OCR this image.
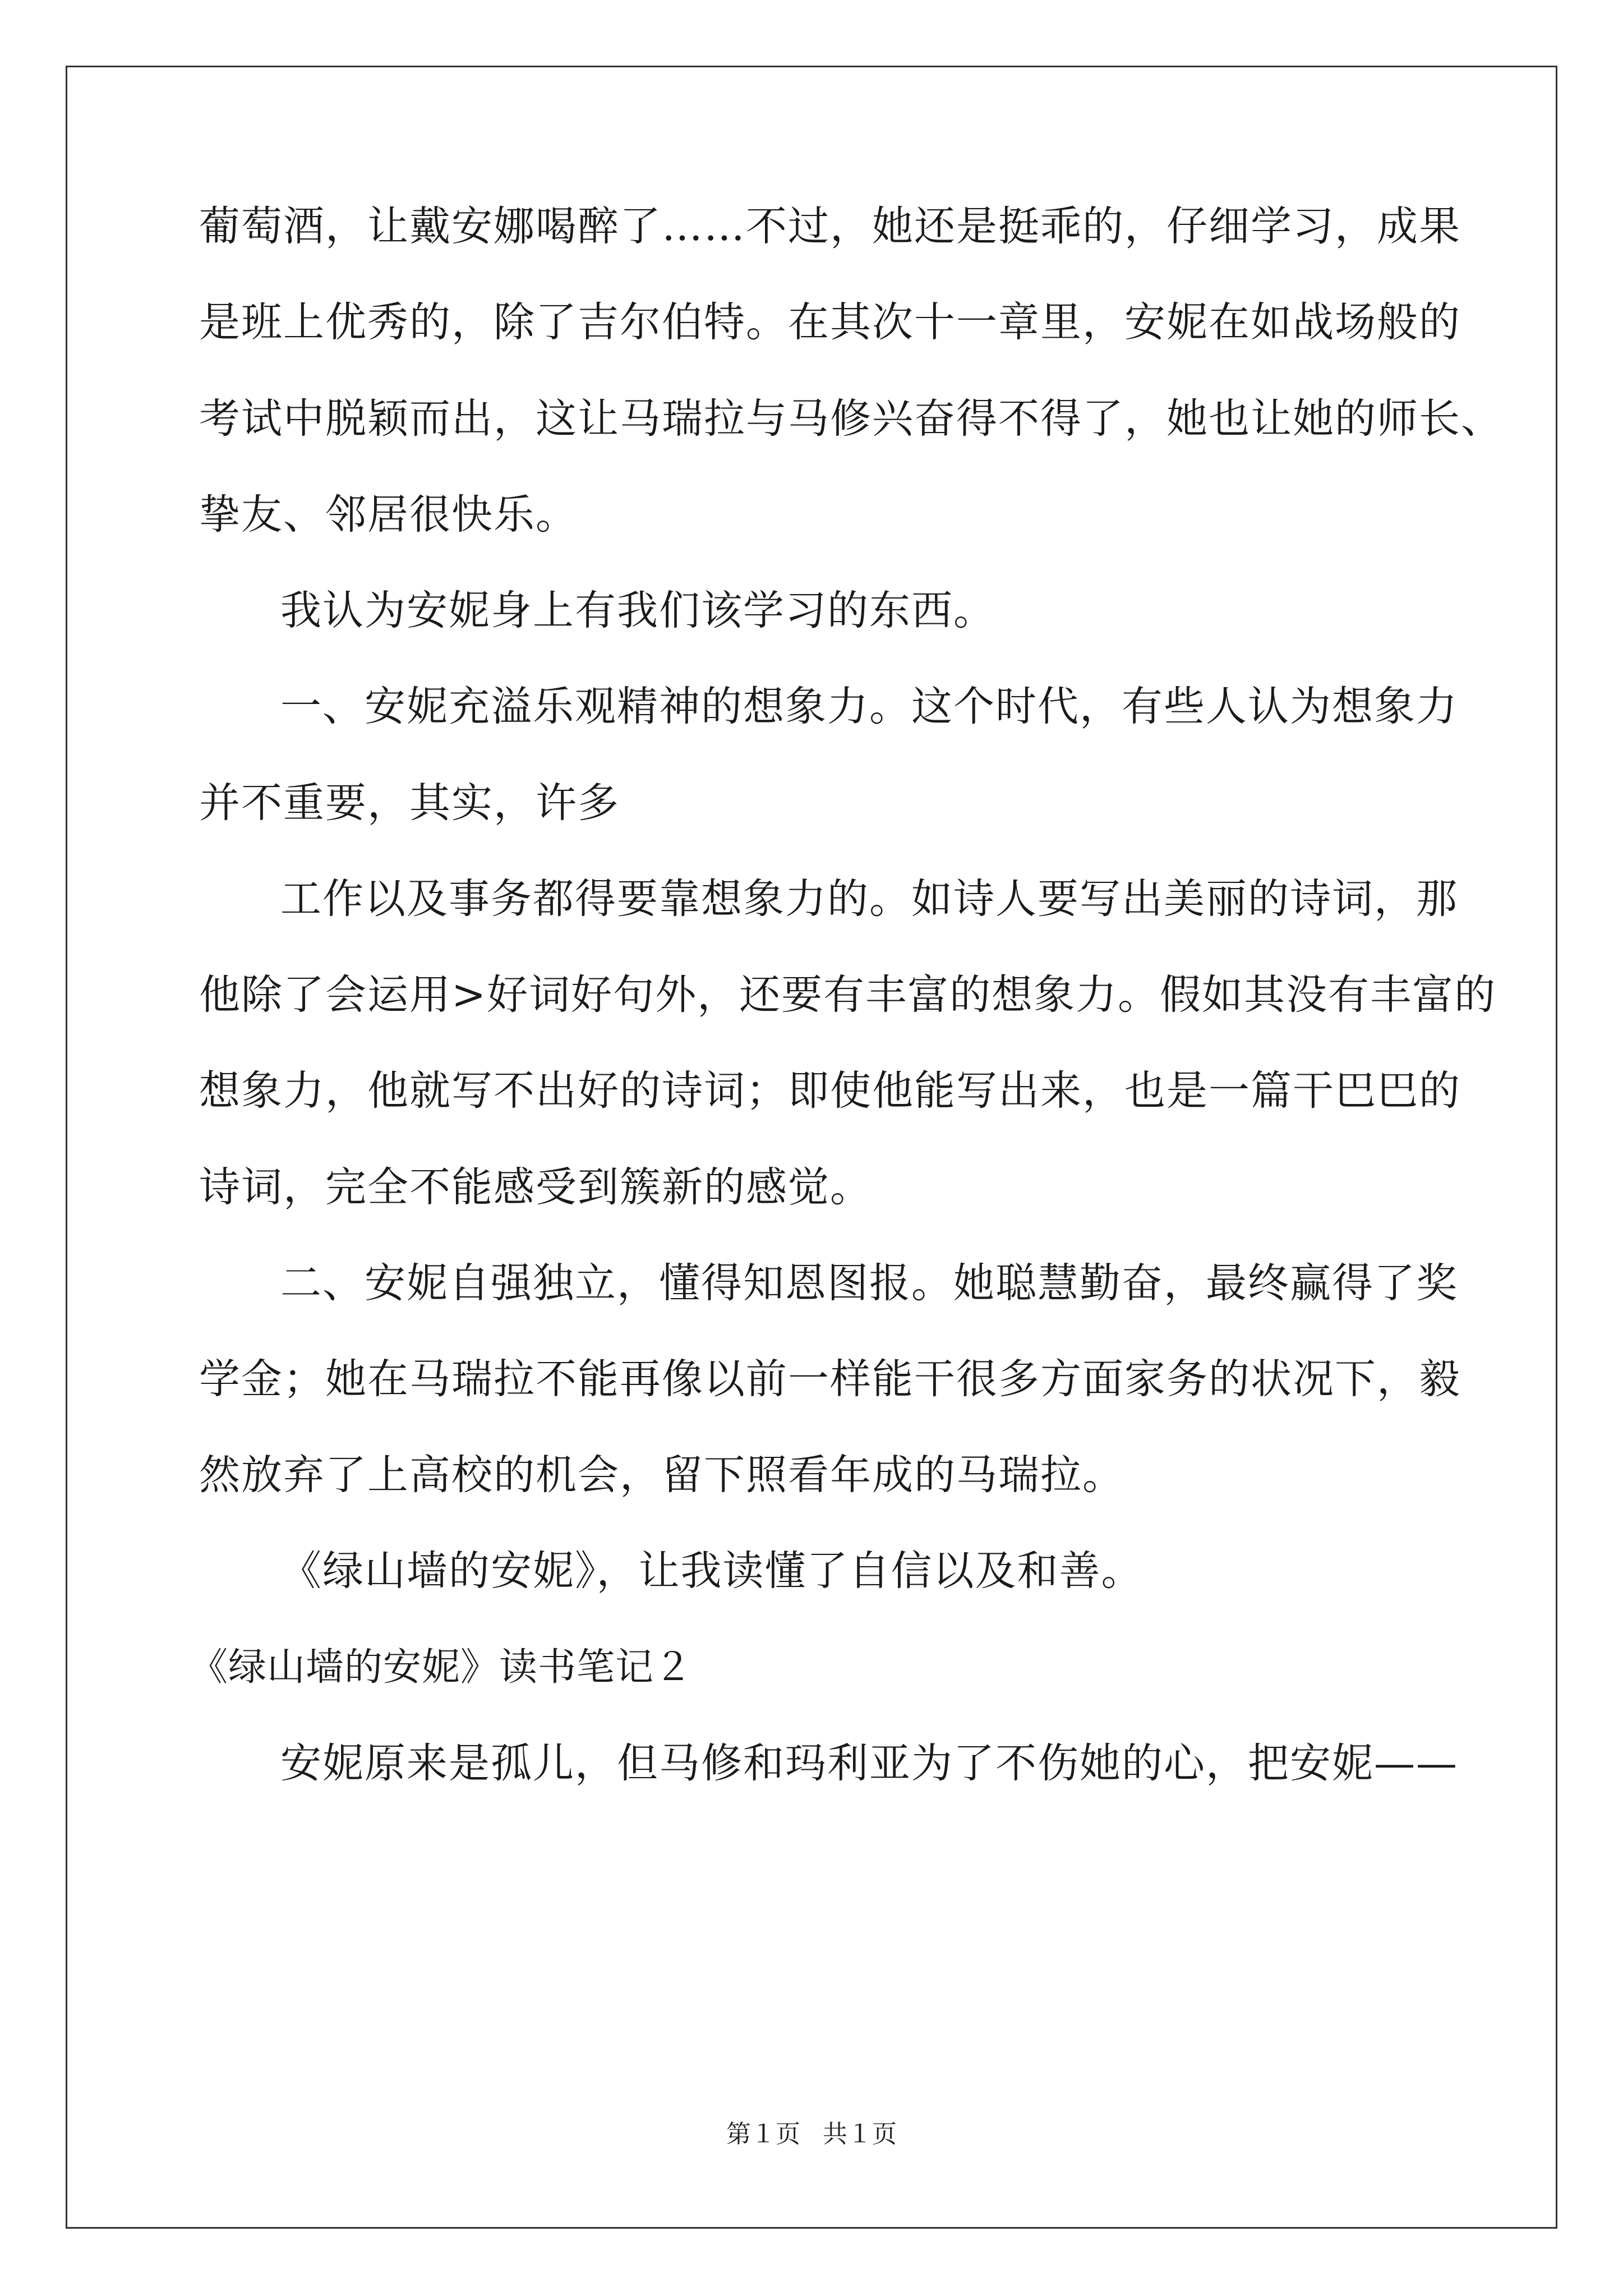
葡萄酒，让戴安娜喝醉了……不过，她还是挺乖的，仔细学习，成果
是班上优秀的，除了吉尔伯特。在其次十一章里，安妮在如战场般的
考试中脱颖而出，这让马瑞拉与马修兴奋得不得了，她也让她的师长、
挚友、邻居很快乐。
我认为安妮身上有我们该学习的东西。
一、安妮充溢乐观精神的想象力。这个时代，有些人认为想象力
并不重要，其实，许多
工作以及事务都得要靠想象力的。如诗人要写出美丽的诗词，那
他除了会运用>好词好句外，还要有丰富的想象力。假如其没有丰富的
想象力，他就写不出好的诗词；即使他能写出来，也是一篇干巴巴的
诗词，完全不能感受到簇新的感觉。
二、安妮自强独立，懂得知恩图报。她聪慧勤奋，最终赢得了奖
学金；她在马瑞拉不能再像以前一样能干很多方面家务的状况下，毅
然放弃了上高校的机会，留下照看年成的马瑞拉。
《绿山墙的安妮》，让我读懂了自信以及和善。
《绿山墙的安妮》读书笔记２
安妮原来是孤儿，但马修和玛利亚为了不伤她的心，把安妮——
第１页 共１页
